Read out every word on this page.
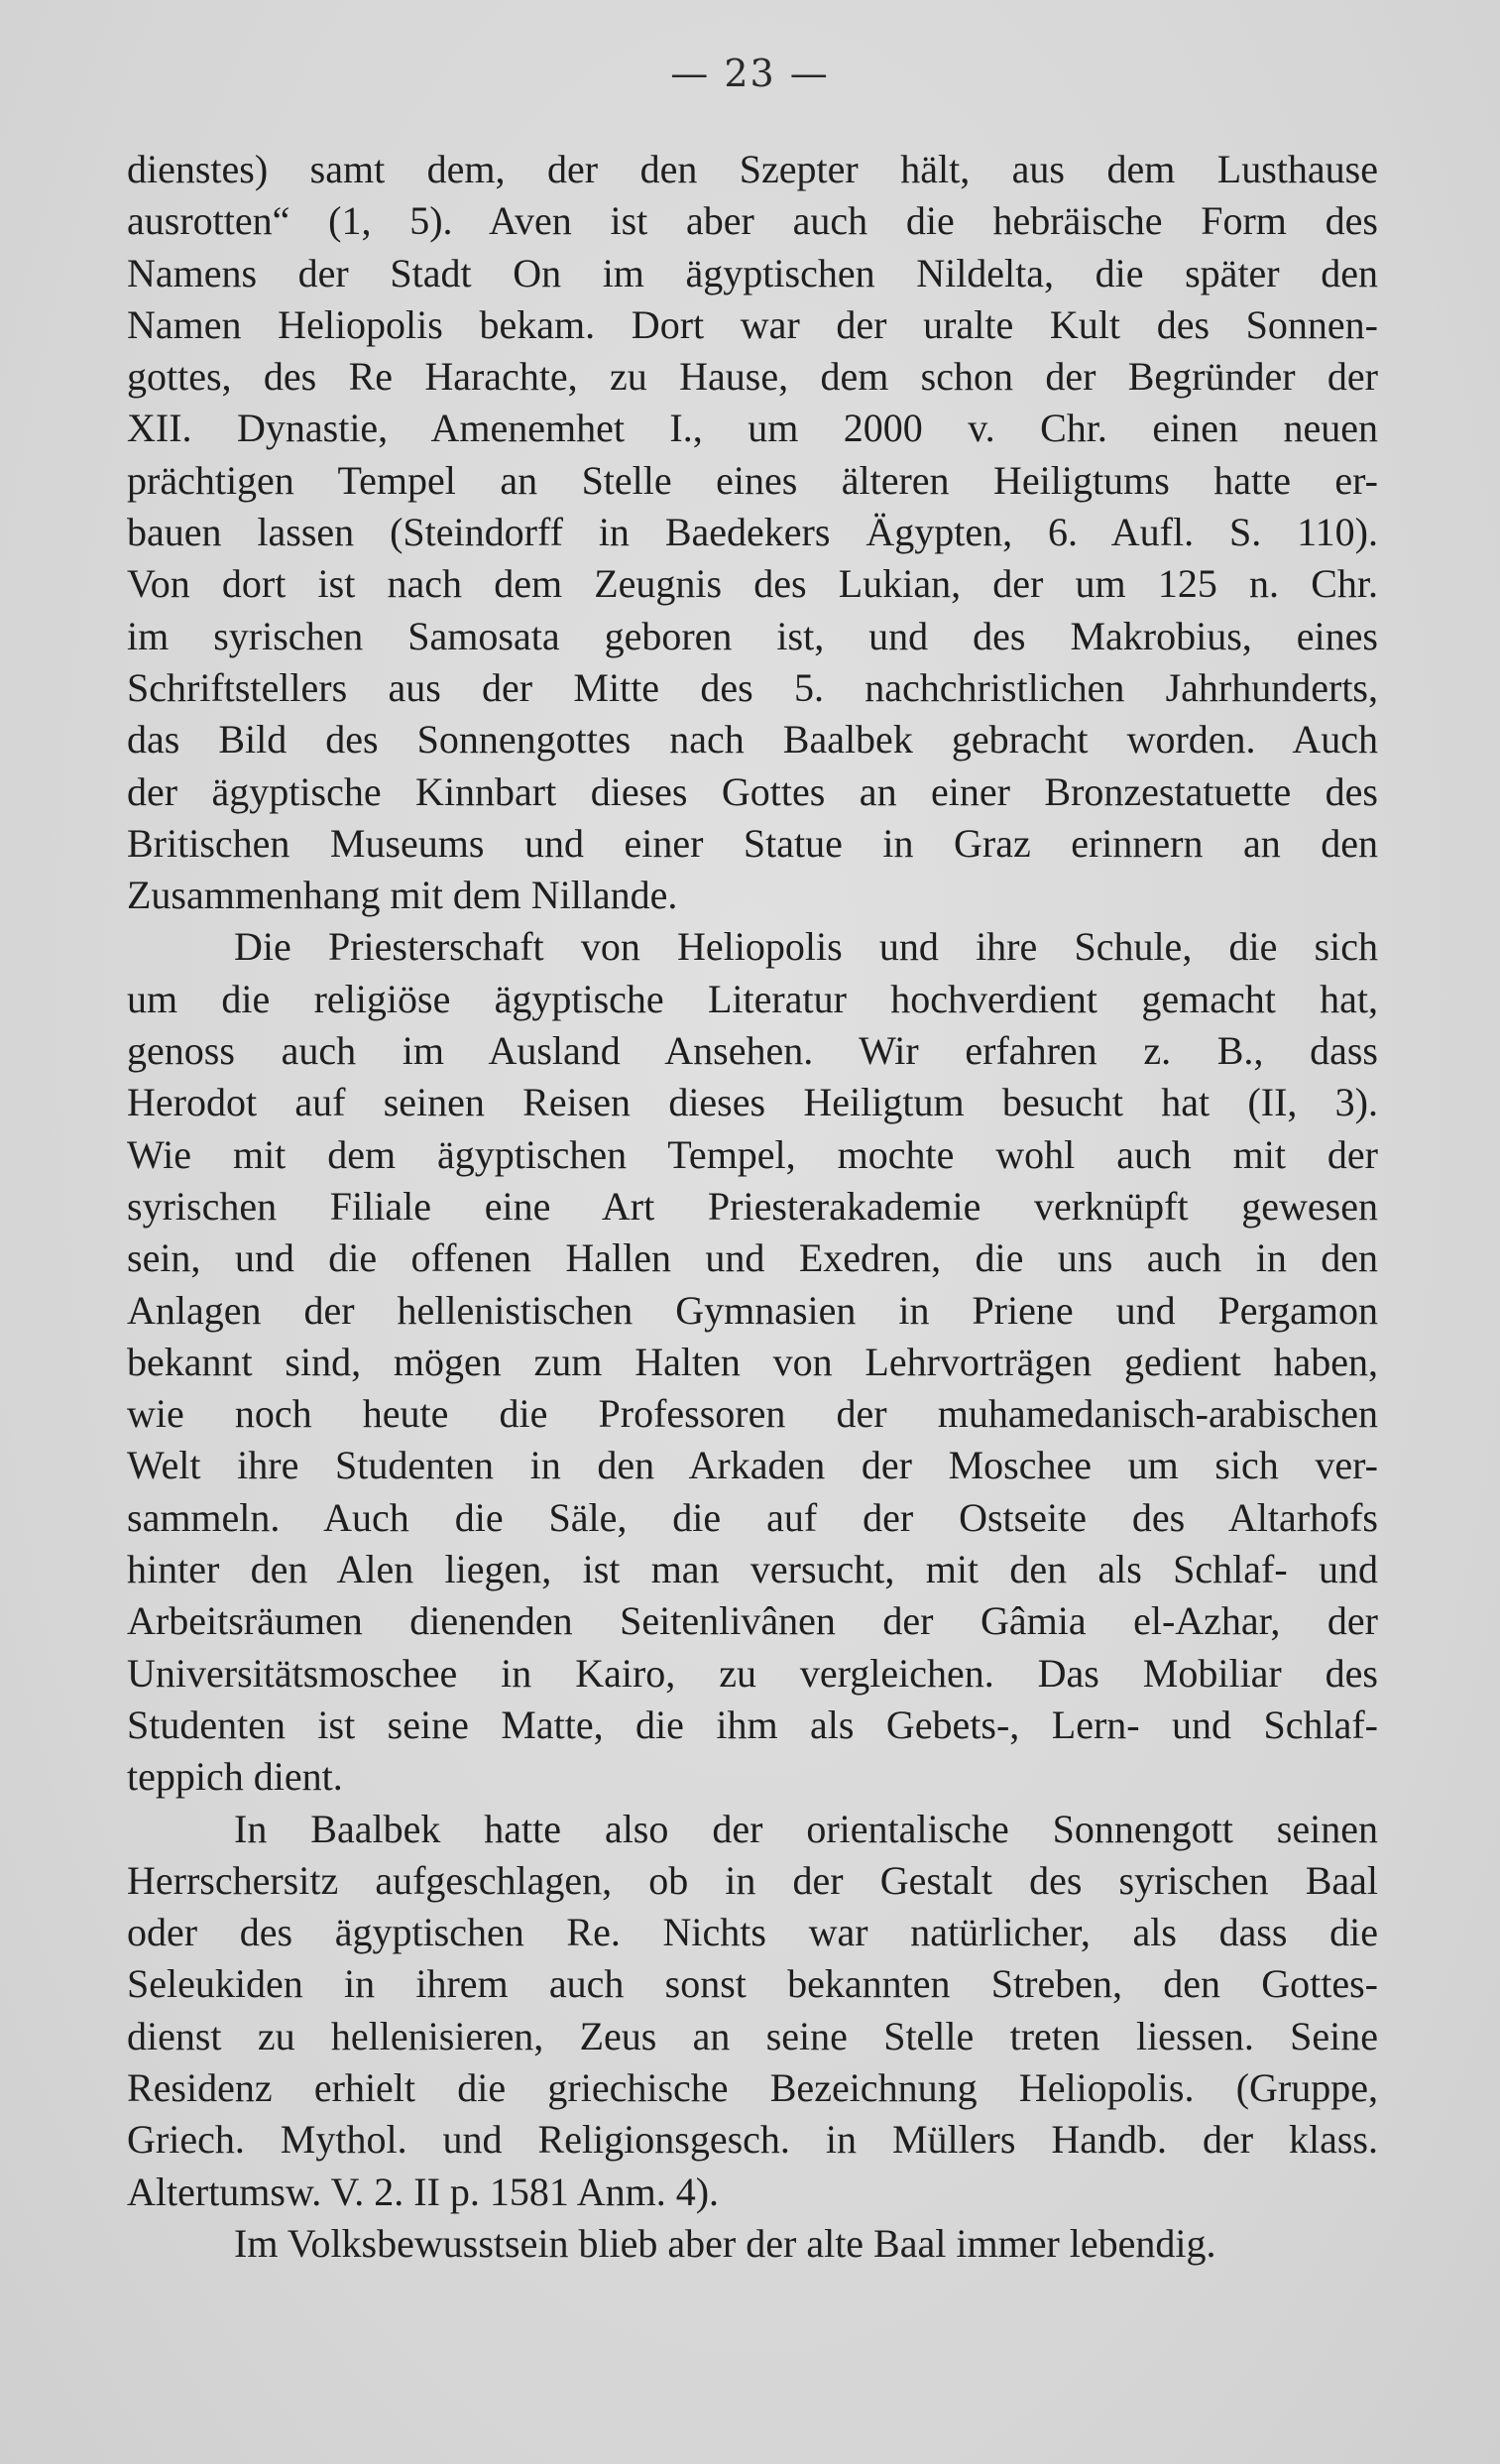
— 23 —
dienstes) samt dem, der den Szepter hält, aus dem Lusthause
ausrotten“ (1, 5). Aven ist aber auch die hebräische Form des
Namens der Stadt On im ägyptischen Nildelta, die später den
Namen Heliopolis bekam. Dort war der uralte Kult des Sonnen-
gottes, des Re Harachte, zu Hause, dem schon der Begründer der
XII. Dynastie, Amenemhet I., um 2000 v. Chr. einen neuen
prächtigen Tempel an Stelle eines älteren Heiligtums hatte er-
bauen lassen (Steindorff in Baedekers Ägypten, 6. Aufl. S. 110).
Von dort ist nach dem Zeugnis des Lukian, der um 125 n. Chr.
im syrischen Samosata geboren ist, und des Makrobius, eines
Schriftstellers aus der Mitte des 5. nachchristlichen Jahrhunderts,
das Bild des Sonnengottes nach Baalbek gebracht worden. Auch
der ägyptische Kinnbart dieses Gottes an einer Bronzestatuette des
Britischen Museums und einer Statue in Graz erinnern an den
Zusammenhang mit dem Nillande.
Die Priesterschaft von Heliopolis und ihre Schule, die sich
um die religiöse ägyptische Literatur hochverdient gemacht hat,
genoss auch im Ausland Ansehen. Wir erfahren z. B., dass
Herodot auf seinen Reisen dieses Heiligtum besucht hat (II, 3).
Wie mit dem ägyptischen Tempel, mochte wohl auch mit der
syrischen Filiale eine Art Priesterakademie verknüpft gewesen
sein, und die offenen Hallen und Exedren, die uns auch in den
Anlagen der hellenistischen Gymnasien in Priene und Pergamon
bekannt sind, mögen zum Halten von Lehrvorträgen gedient haben,
wie noch heute die Professoren der muhamedanisch-arabischen
Welt ihre Studenten in den Arkaden der Moschee um sich ver-
sammeln. Auch die Säle, die auf der Ostseite des Altarhofs
hinter den Alen liegen, ist man versucht, mit den als Schlaf- und
Arbeitsräumen dienenden Seitenlivânen der Gâmia el-Azhar, der
Universitätsmoschee in Kairo, zu vergleichen. Das Mobiliar des
Studenten ist seine Matte, die ihm als Gebets-, Lern- und Schlaf-
teppich dient.
In Baalbek hatte also der orientalische Sonnengott seinen
Herrschersitz aufgeschlagen, ob in der Gestalt des syrischen Baal
oder des ägyptischen Re. Nichts war natürlicher, als dass die
Seleukiden in ihrem auch sonst bekannten Streben, den Gottes-
dienst zu hellenisieren, Zeus an seine Stelle treten liessen. Seine
Residenz erhielt die griechische Bezeichnung Heliopolis. (Gruppe,
Griech. Mythol. und Religionsgesch. in Müllers Handb. der klass.
Altertumsw. V. 2. II p. 1581 Anm. 4).
Im Volksbewusstsein blieb aber der alte Baal immer lebendig.
